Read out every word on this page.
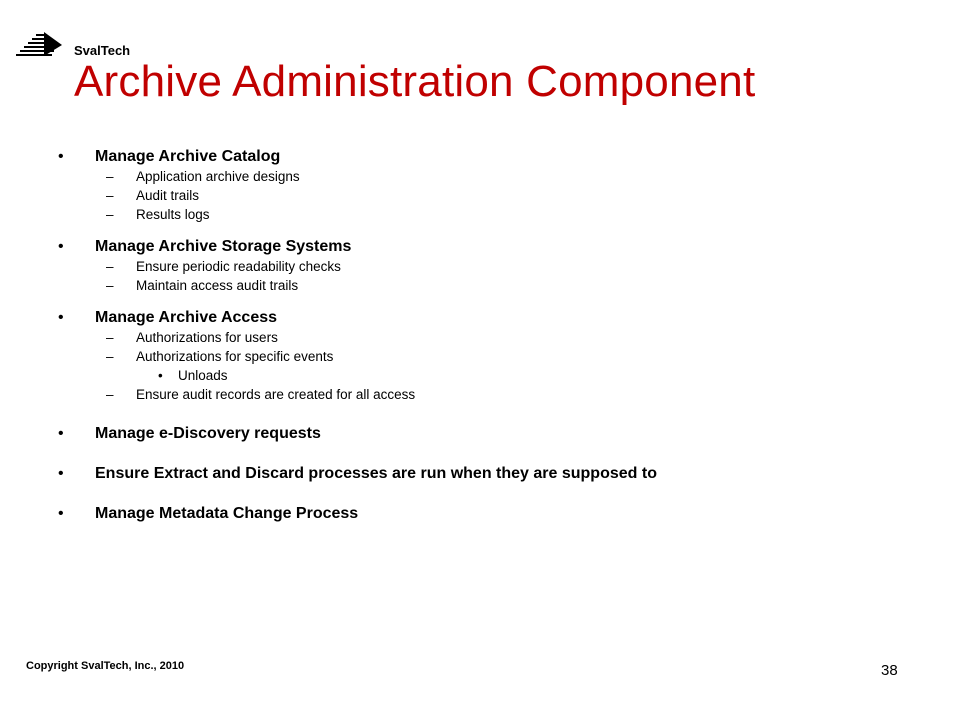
SvalTech
Archive Administration Component
• Manage Archive Catalog
– Application archive designs
– Audit trails
– Results logs
• Manage Archive Storage Systems
– Ensure periodic readability checks
– Maintain access audit trails
• Manage Archive Access
– Authorizations for users
– Authorizations for specific events
• Unloads
– Ensure audit records are created for all access
• Manage e-Discovery requests
• Ensure Extract and Discard processes are run when they are supposed to
• Manage Metadata Change Process
Copyright SvalTech, Inc., 2010	38
